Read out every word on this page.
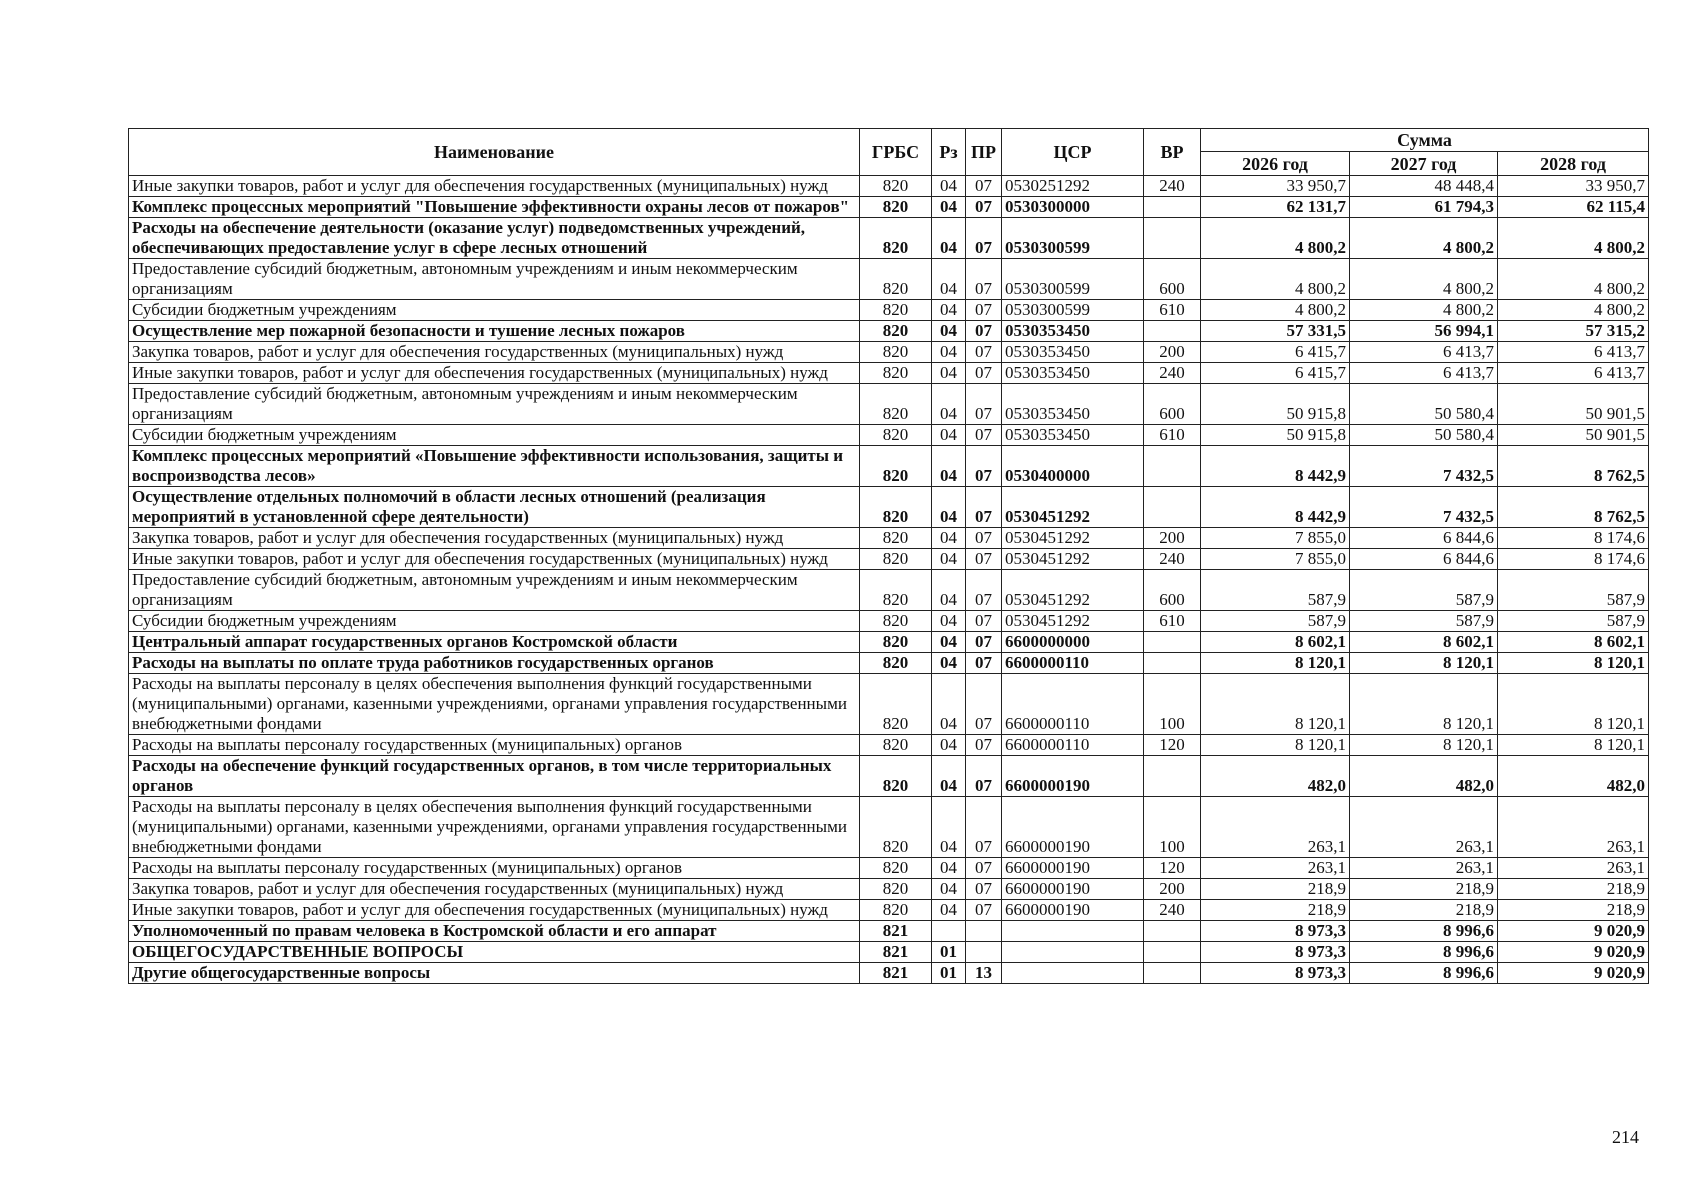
Наименование	ГРБС	Рз	ПР	ЦСР	ВР	Сумма		
						2026 год	2027 год	2028 год
Иные закупки товаров, работ и услуг для обеспечения государственных (муниципальных) нужд	820	04	07	0530251292	240	33 950,7	48 448,4	33 950,7
Комплекс процессных мероприятий "Повышение эффективности охраны лесов от пожаров"	820	04	07	0530300000		62 131,7	61 794,3	62 115,4
Расходы на обеспечение деятельности (оказание услуг) подведомственных учреждений, обеспечивающих предоставление услуг в сфере лесных отношений	820	04	07	0530300599		4 800,2	4 800,2	4 800,2
Предоставление субсидий бюджетным, автономным учреждениям и иным некоммерческим организациям	820	04	07	0530300599	600	4 800,2	4 800,2	4 800,2
Субсидии бюджетным учреждениям	820	04	07	0530300599	610	4 800,2	4 800,2	4 800,2
Осуществление мер пожарной безопасности и тушение лесных пожаров	820	04	07	0530353450		57 331,5	56 994,1	57 315,2
Закупка товаров, работ и услуг для обеспечения государственных (муниципальных) нужд	820	04	07	0530353450	200	6 415,7	6 413,7	6 413,7
Иные закупки товаров, работ и услуг для обеспечения государственных (муниципальных) нужд	820	04	07	0530353450	240	6 415,7	6 413,7	6 413,7
Предоставление субсидий бюджетным, автономным учреждениям и иным некоммерческим организациям	820	04	07	0530353450	600	50 915,8	50 580,4	50 901,5
Субсидии бюджетным учреждениям	820	04	07	0530353450	610	50 915,8	50 580,4	50 901,5
Комплекс процессных мероприятий «Повышение эффективности использования, защиты и воспроизводства лесов»	820	04	07	0530400000		8 442,9	7 432,5	8 762,5
Осуществление отдельных полномочий в области лесных отношений (реализация мероприятий в установленной сфере деятельности)	820	04	07	0530451292		8 442,9	7 432,5	8 762,5
Закупка товаров, работ и услуг для обеспечения государственных (муниципальных) нужд	820	04	07	0530451292	200	7 855,0	6 844,6	8 174,6
Иные закупки товаров, работ и услуг для обеспечения государственных (муниципальных) нужд	820	04	07	0530451292	240	7 855,0	6 844,6	8 174,6
Предоставление субсидий бюджетным, автономным учреждениям и иным некоммерческим организациям	820	04	07	0530451292	600	587,9	587,9	587,9
Субсидии бюджетным учреждениям	820	04	07	0530451292	610	587,9	587,9	587,9
Центральный аппарат государственных органов Костромской области	820	04	07	6600000000		8 602,1	8 602,1	8 602,1
Расходы на выплаты по оплате труда работников государственных органов	820	04	07	6600000110		8 120,1	8 120,1	8 120,1
Расходы на выплаты персоналу в целях обеспечения выполнения функций государственными (муниципальными) органами, казенными учреждениями, органами управления государственными внебюджетными фондами	820	04	07	6600000110	100	8 120,1	8 120,1	8 120,1
Расходы на выплаты персоналу государственных (муниципальных) органов	820	04	07	6600000110	120	8 120,1	8 120,1	8 120,1
Расходы на обеспечение функций государственных органов, в том числе территориальных органов	820	04	07	6600000190		482,0	482,0	482,0
Расходы на выплаты персоналу в целях обеспечения выполнения функций государственными (муниципальными) органами, казенными учреждениями, органами управления государственными внебюджетными фондами	820	04	07	6600000190	100	263,1	263,1	263,1
Расходы на выплаты персоналу государственных (муниципальных) органов	820	04	07	6600000190	120	263,1	263,1	263,1
Закупка товаров, работ и услуг для обеспечения государственных (муниципальных) нужд	820	04	07	6600000190	200	218,9	218,9	218,9
Иные закупки товаров, работ и услуг для обеспечения государственных (муниципальных) нужд	820	04	07	6600000190	240	218,9	218,9	218,9
Уполномоченный по правам человека в Костромской области и его аппарат	821					8 973,3	8 996,6	9 020,9
ОБЩЕГОСУДАРСТВЕННЫЕ ВОПРОСЫ	821	01				8 973,3	8 996,6	9 020,9
Другие общегосударственные вопросы	821	01	13			8 973,3	8 996,6	9 020,9
214
